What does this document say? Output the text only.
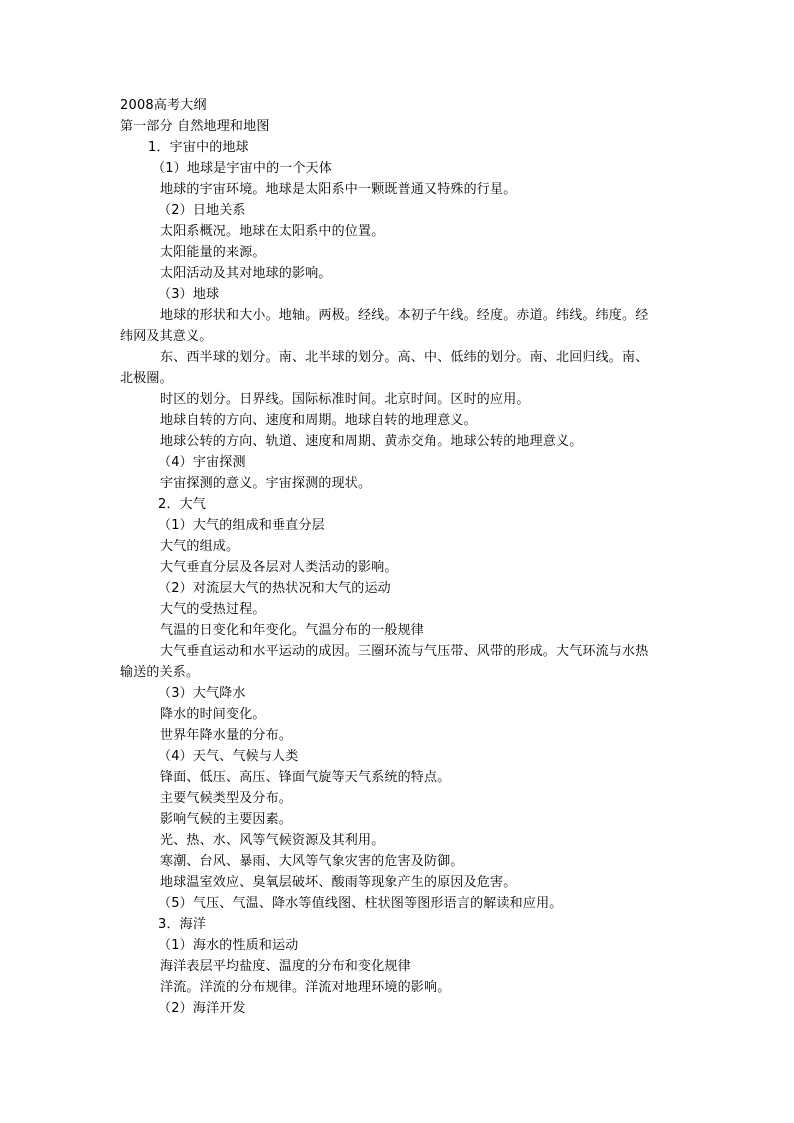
2008高考大纲
第一部分 自然地理和地图
1．宇宙中的地球
（1）地球是宇宙中的一个天体
地球的宇宙环境。地球是太阳系中一颗既普通又特殊的行星。
（2）日地关系
太阳系概况。地球在太阳系中的位置。
太阳能量的来源。
太阳活动及其对地球的影响。
（3）地球
地球的形状和大小。地轴。两极。经线。本初子午线。经度。赤道。纬线。纬度。经
纬网及其意义。
东、西半球的划分。南、北半球的划分。高、中、低纬的划分。南、北回归线。南、
北极圈。
时区的划分。日界线。国际标准时间。北京时间。区时的应用。
地球自转的方向、速度和周期。地球自转的地理意义。
地球公转的方向、轨道、速度和周期、黄赤交角。地球公转的地理意义。
（4）宇宙探测
宇宙探测的意义。宇宙探测的现状。
2．大气
（1）大气的组成和垂直分层
大气的组成。
大气垂直分层及各层对人类活动的影响。
（2）对流层大气的热状况和大气的运动
大气的受热过程。
气温的日变化和年变化。气温分布的一般规律
大气垂直运动和水平运动的成因。三圈环流与气压带、风带的形成。大气环流与水热
输送的关系。
（3）大气降水
降水的时间变化。
世界年降水量的分布。
（4）天气、气候与人类
锋面、低压、高压、锋面气旋等天气系统的特点。
主要气候类型及分布。
影响气候的主要因素。
光、热、水、风等气候资源及其利用。
寒潮、台风、暴雨、大风等气象灾害的危害及防御。
地球温室效应、臭氧层破坏、酸雨等现象产生的原因及危害。
（5）气压、气温、降水等值线图、柱状图等图形语言的解读和应用。
3．海洋
（1）海水的性质和运动
海洋表层平均盐度、温度的分布和变化规律
洋流。洋流的分布规律。洋流对地理环境的影响。
（2）海洋开发
